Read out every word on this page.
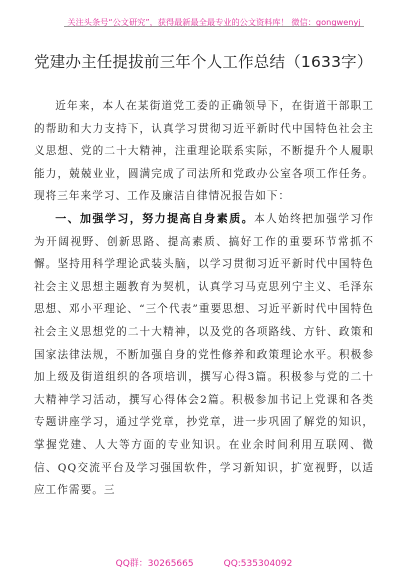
关注头条号“公文研究”，获得最新最全最专业的公文资料库！ 微信：gongwenyj
党建办主任提拔前三年个人工作总结（1633字）

近年来，本人在某街道党工委的正确领导下，在街道干部职工的帮助和大力支持下，认真学习贯彻习近平新时代中国特色社会主义思想、党的二十大精神，注重理论联系实际，不断提升个人履职能力，兢兢业业，圆满完成了司法所和党政办公室各项工作任务。现将三年来学习、工作及廉洁自律情况报告如下：

一、加强学习，努力提高自身素质。本人始终把加强学习作为开阔视野、创新思路、提高素质、搞好工作的重要环节常抓不懈。坚持用科学理论武装头脑，以学习贯彻习近平新时代中国特色社会主义思想主题教育为契机，认真学习马克思列宁主义、毛泽东思想、邓小平理论、“三个代表”重要思想、习近平新时代中国特色社会主义思想党的二十大精神，以及党的各项路线、方针、政策和国家法律法规，不断加强自身的党性修养和政策理论水平。积极参加上级及街道组织的各项培训，撰写心得3篇。积极参与党的二十大精神学习活动，撰写心得体会2篇。积极参加书记上党课和各类专题讲座学习，通过学党章，抄党章，进一步巩固了解党的知识，掌握党建、人大等方面的专业知识。在业余时间利用互联网、微信、QQ交流平台及学习强国软件，学习新知识，扩宽视野，以适应工作需要。三

QQ群：30265665	QQ:535304092
